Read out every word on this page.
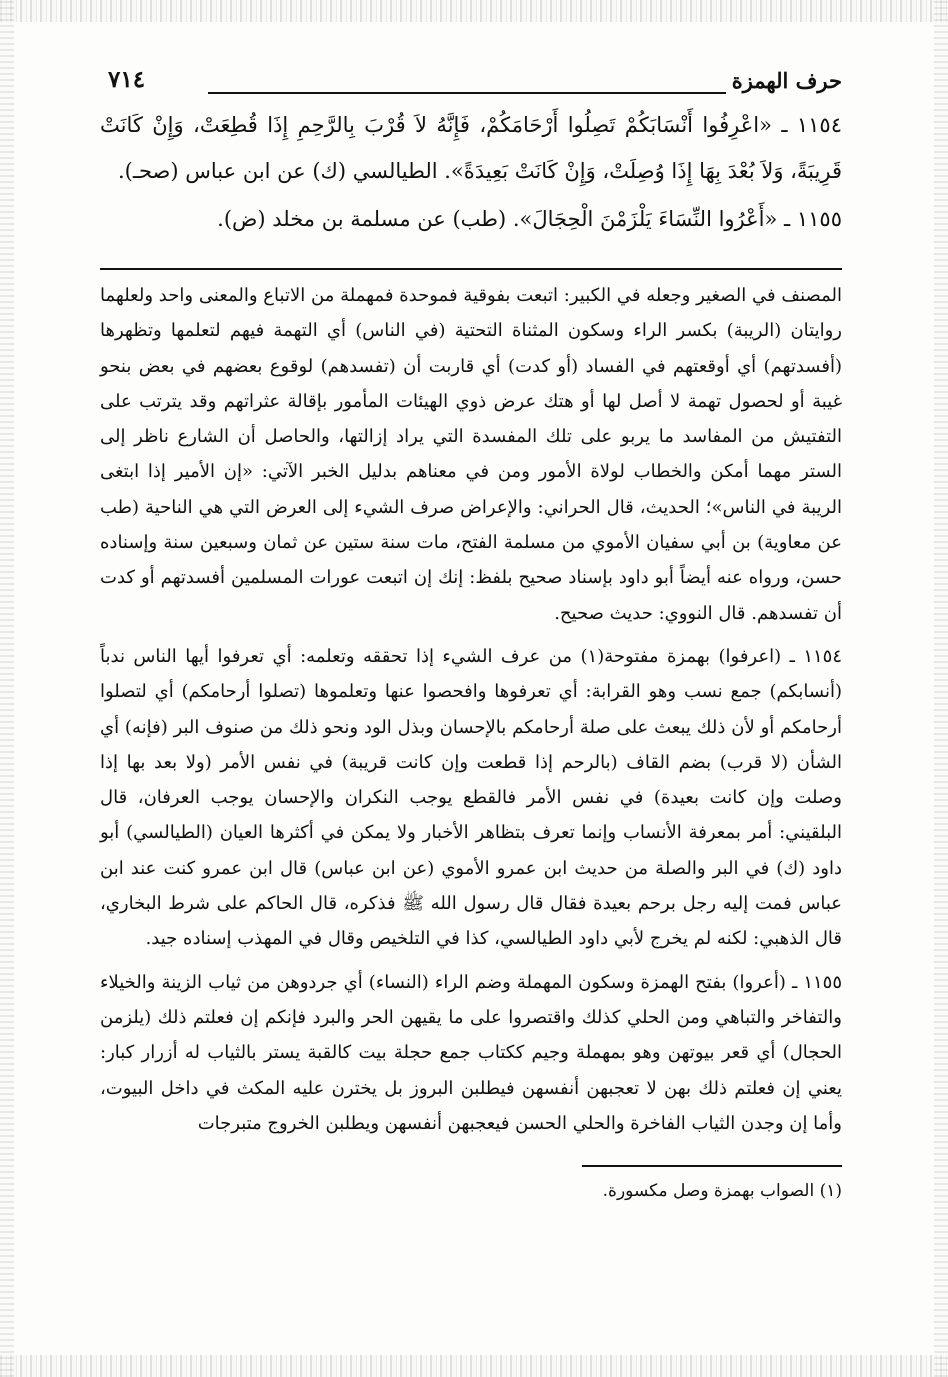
حرف الهمزة
٧١٤

١١٥٤ ـ «اعْرِفُوا أَنْسَابَكُمْ تَصِلُوا أَرْحَامَكُمْ، فَإِنَّهُ لاَ قُرْبَ بِالرَّحِمِ إِذَا قُطِعَتْ، وَإِنْ كَانَتْ قَرِيبَةً، وَلاَ بُعْدَ بِهَا إِذَا وُصِلَتْ، وَإِنْ كَانَتْ بَعِيدَةً». الطيالسي (ك) عن ابن عباس (صحـ).

١١٥٥ ـ «أَعْرُوا النِّسَاءَ يَلْزَمْنَ الْحِجَالَ». (طب) عن مسلمة بن مخلد (ض).

المصنف في الصغير وجعله في الكبير: اتبعت بفوقية فموحدة فمهملة من الاتباع والمعنى واحد ولعلهما روايتان (الريبة) بكسر الراء وسكون المثناة التحتية (في الناس) أي التهمة فيهم لتعلمها وتظهرها (أفسدتهم) أي أوقعتهم في الفساد (أو كدت) أي قاربت أن (تفسدهم) لوقوع بعضهم في بعض بنحو غيبة أو لحصول تهمة لا أصل لها أو هتك عرض ذوي الهيئات المأمور بإقالة عثراتهم وقد يترتب على التفتيش من المفاسد ما يربو على تلك المفسدة التي يراد إزالتها، والحاصل أن الشارع ناظر إلى الستر مهما أمكن والخطاب لولاة الأمور ومن في معناهم بدليل الخبر الآتي: «إن الأمير إذا ابتغى الريبة في الناس»؛ الحديث، قال الحراني: والإعراض صرف الشيء إلى العرض التي هي الناحية (طب عن معاوية) بن أبي سفيان الأموي من مسلمة الفتح، مات سنة ستين عن ثمان وسبعين سنة وإسناده حسن، ورواه عنه أيضاً أبو داود بإسناد صحيح بلفظ: إنك إن اتبعت عورات المسلمين أفسدتهم أو كدت أن تفسدهم. قال النووي: حديث صحيح.

١١٥٤ ـ (اعرفوا) بهمزة مفتوحة(١) من عرف الشيء إذا تحققه وتعلمه: أي تعرفوا أيها الناس ندباً (أنسابكم) جمع نسب وهو القرابة: أي تعرفوها وافحصوا عنها وتعلموها (تصلوا أرحامكم) أي لتصلوا أرحامكم أو لأن ذلك يبعث على صلة أرحامكم بالإحسان وبذل الود ونحو ذلك من صنوف البر (فإنه) أي الشأن (لا قرب) بضم القاف (بالرحم إذا قطعت وإن كانت قريبة) في نفس الأمر (ولا بعد بها إذا وصلت وإن كانت بعيدة) في نفس الأمر فالقطع يوجب النكران والإحسان يوجب العرفان، قال البلقيني: أمر بمعرفة الأنساب وإنما تعرف بتظاهر الأخبار ولا يمكن في أكثرها العيان (الطيالسي) أبو داود (ك) في البر والصلة من حديث ابن عمرو الأموي (عن ابن عباس) قال ابن عمرو كنت عند ابن عباس فمت إليه رجل برحم بعيدة فقال قال رسول الله ﷺ فذكره، قال الحاكم على شرط البخاري، قال الذهبي: لكنه لم يخرج لأبي داود الطيالسي، كذا في التلخيص وقال في المهذب إسناده جيد.

١١٥٥ ـ (أعروا) بفتح الهمزة وسكون المهملة وضم الراء (النساء) أي جردوهن من ثياب الزينة والخيلاء والتفاخر والتباهي ومن الحلي كذلك واقتصروا على ما يقيهن الحر والبرد فإنكم إن فعلتم ذلك (يلزمن الحجال) أي قعر بيوتهن وهو بمهملة وجيم ككتاب جمع حجلة بيت كالقبة يستر بالثياب له أزرار كبار: يعني إن فعلتم ذلك بهن لا تعجبهن أنفسهن فيطلبن البروز بل يخترن عليه المكث في داخل البيوت، وأما إن وجدن الثياب الفاخرة والحلي الحسن فيعجبهن أنفسهن ويطلبن الخروج متبرجات

(١) الصواب بهمزة وصل مكسورة.
